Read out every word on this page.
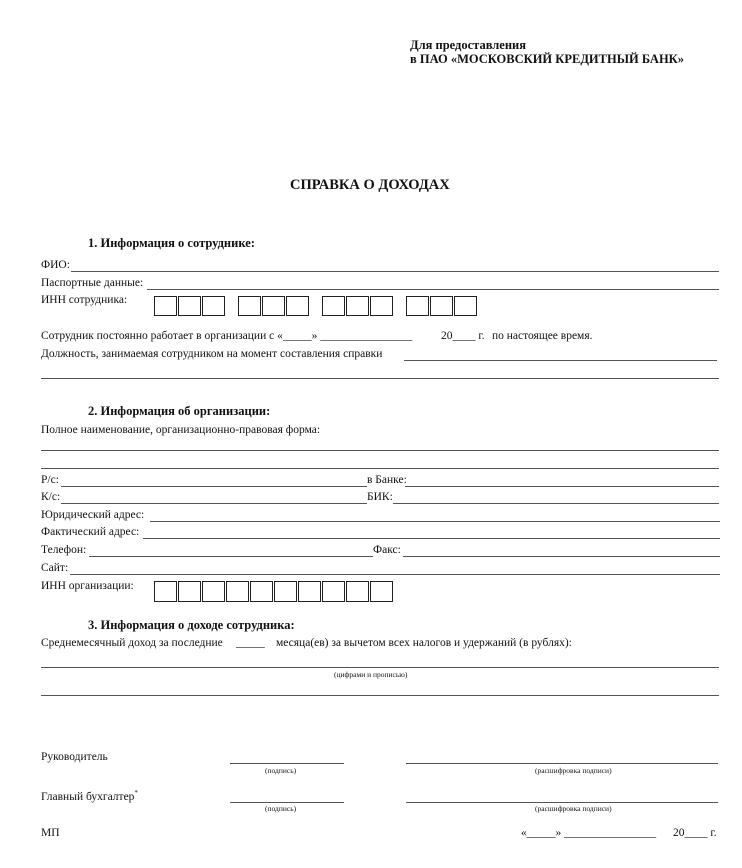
Для предоставления
в ПАО «МОСКОВСКИЙ КРЕДИТНЫЙ БАНК»
СПРАВКА О ДОХОДАХ
1. Информация о сотруднике:
ФИО:
Паспортные данные:
ИНН сотрудника:
Сотрудник постоянно работает в организации с «_____» ________________	20____ г. по настоящее время.
Должность, занимаемая сотрудником на момент составления справки
2. Информация об организации:
Полное наименование, организационно-правовая форма:
Р/с:	в Банке:
К/с:	БИК:
Юридический адрес:
Фактический адрес:
Телефон:	Факс:
Сайт:
ИНН организации:
3. Информация о доходе сотрудника:
Среднемесячный доход за последние _____ месяца(ев) за вычетом всех налогов и удержаний (в рублях):
(цифрами и прописью)
Руководитель
(подпись)	(расшифровка подписи)
Главный бухгалтер*
(подпись)	(расшифровка подписи)
МП	«_____» ________________ 20____ г.
